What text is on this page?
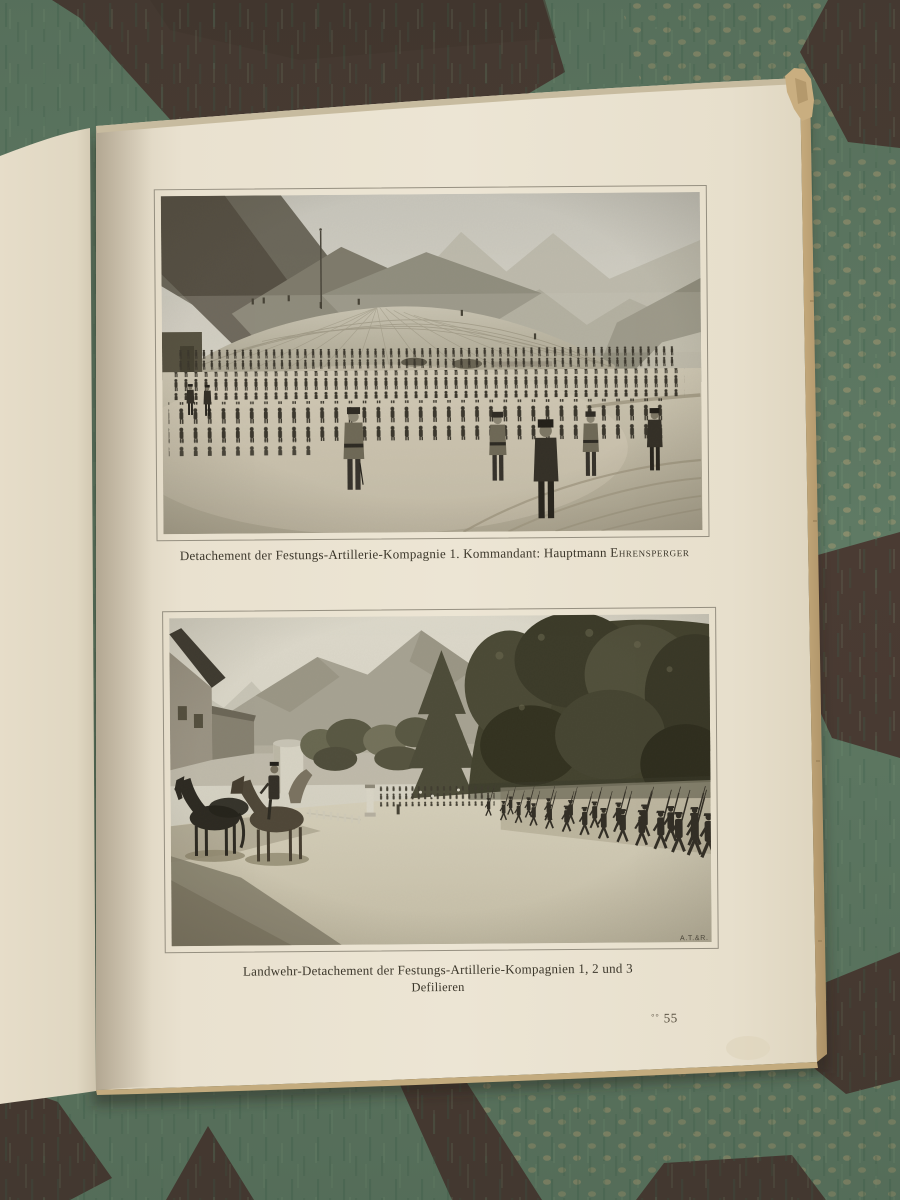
Detachement der Festungs-Artillerie-Kompagnie 1. Kommandant: Hauptmann Ehrensperger
A.T.&R.
Landwehr-Detachement der Festungs-Artillerie-Kompagnien 1, 2 und 3
Defilieren
°° 55
